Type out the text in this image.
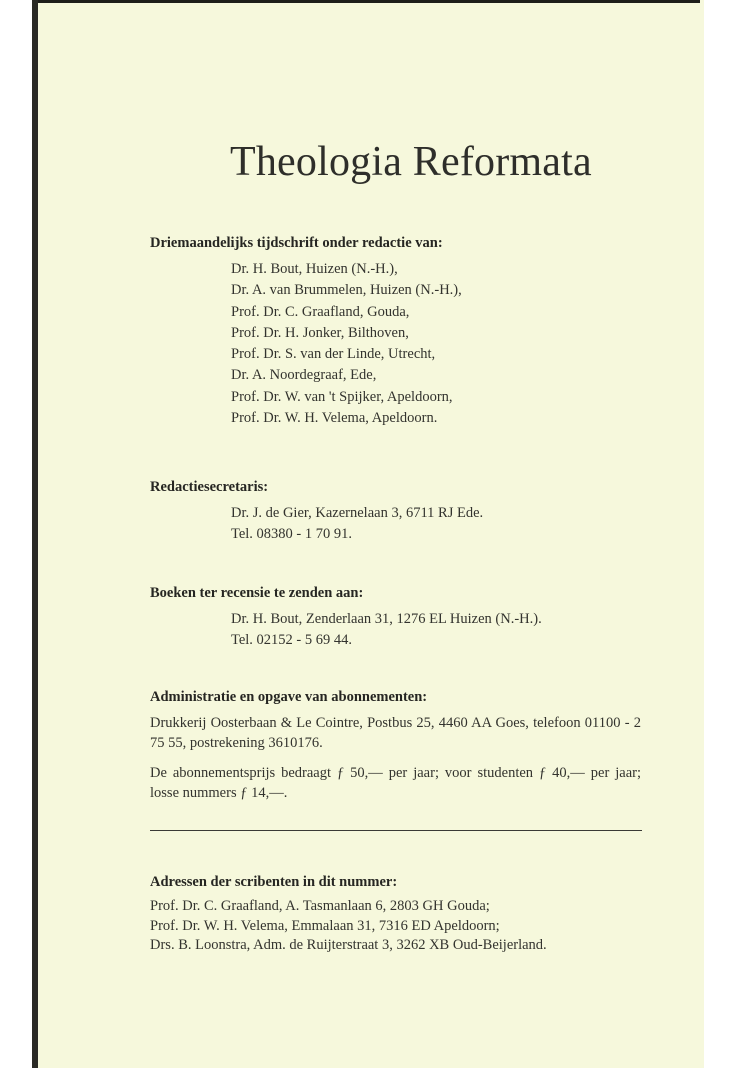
Theologia Reformata
Driemaandelijks tijdschrift onder redactie van:
Dr. H. Bout, Huizen (N.-H.),
Dr. A. van Brummelen, Huizen (N.-H.),
Prof. Dr. C. Graafland, Gouda,
Prof. Dr. H. Jonker, Bilthoven,
Prof. Dr. S. van der Linde, Utrecht,
Dr. A. Noordegraaf, Ede,
Prof. Dr. W. van 't Spijker, Apeldoorn,
Prof. Dr. W. H. Velema, Apeldoorn.
Redactiesecretaris:
Dr. J. de Gier, Kazernelaan 3, 6711 RJ Ede.
Tel. 08380 - 1 70 91.
Boeken ter recensie te zenden aan:
Dr. H. Bout, Zenderlaan 31, 1276 EL Huizen (N.-H.).
Tel. 02152 - 5 69 44.
Administratie en opgave van abonnementen:
Drukkerij Oosterbaan & Le Cointre, Postbus 25, 4460 AA Goes, telefoon 01100 - 2 75 55, postrekening 3610176.
De abonnementsprijs bedraagt ƒ 50,— per jaar; voor studenten ƒ 40,— per jaar; losse nummers ƒ 14,—.
Adressen der scribenten in dit nummer:
Prof. Dr. C. Graafland, A. Tasmanlaan 6, 2803 GH Gouda;
Prof. Dr. W. H. Velema, Emmalaan 31, 7316 ED Apeldoorn;
Drs. B. Loonstra, Adm. de Ruijterstraat 3, 3262 XB Oud-Beijerland.
